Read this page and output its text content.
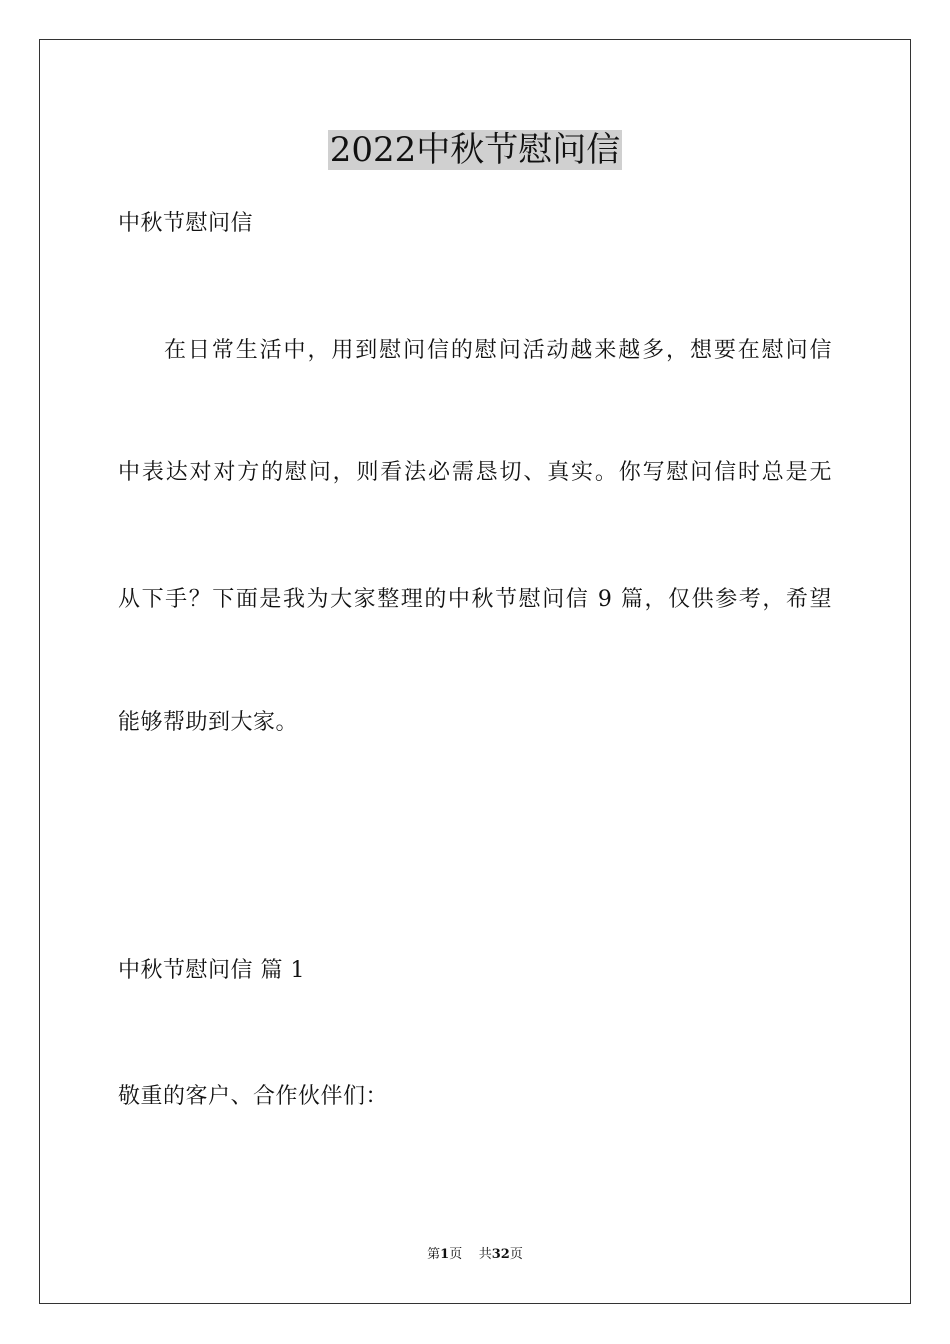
2022中秋节慰问信

中秋节慰问信

在日常生活中，用到慰问信的慰问活动越来越多，想要在慰问信

中表达对对方的慰问，则看法必需恳切、真实。你写慰问信时总是无

从下手？下面是我为大家整理的中秋节慰问信 9 篇，仅供参考，希望

能够帮助到大家。

中秋节慰问信 篇 1

敬重的客户、合作伙伴们：

第1页 共32页
